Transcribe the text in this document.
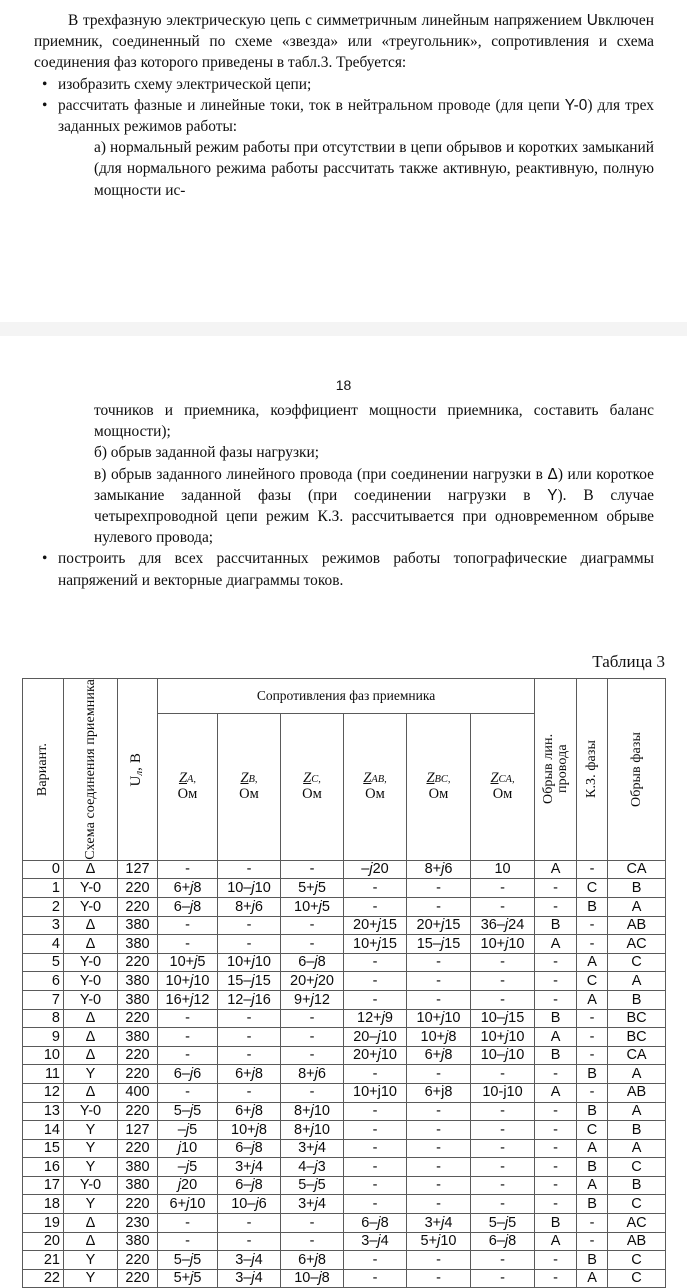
В трехфазную электрическую цепь с симметричным линейным напряжением Uвключен приемник, соединенный по схеме «звезда» или «треугольник», сопротивления и схема соединения фаз которого приведены в табл.3. Требуется:

• изобразить схему электрической цепи;
• рассчитать фазные и линейные токи, ток в нейтральном проводе (для цепи Y-0) для трех заданных режимов работы:

а) нормальный режим работы при отсутствии в цепи обрывов и коротких замыканий (для нормального режима работы рассчитать также активную, реактивную, полную мощности ис-

18

точников и приемника, коэффициент мощности приемника, составить баланс мощности);

б) обрыв заданной фазы нагрузки;

в) обрыв заданного линейного провода (при соединении нагрузки в Δ) или короткое замыкание заданной фазы (при соединении нагрузки в Y). В случае четырехпроводной цепи режим К.З. рассчитывается при одновременном обрыве нулевого провода;

• построить для всех рассчитанных режимов работы топографические диаграммы напряжений и векторные диаграммы токов.
Таблица 3
Вариант.	Схема соединения приемника	$U_л$, В	Сопротивления фаз приемника						Обрыв лин. провода	К.З. фазы	Обрыв фазы

			ZA,
Ом	ZB,
Ом	ZC,
Ом	ZAB,
Ом	ZBC,
Ом	ZCA,
Ом			

0	Δ	127	-	-	-	–j20	8+j6	10	A	-	CA
1	Y-0	220	6+j8	10–j10	5+j5	-	-	-	-	C	B
2	Y-0	220	6–j8	8+j6	10+j5	-	-	-	-	B	A
3	Δ	380	-	-	-	20+j15	20+j15	36–j24	B	-	AB
4	Δ	380	-	-	-	10+j15	15–j15	10+j10	A	-	AC
5	Y-0	220	10+j5	10+j10	6–j8	-	-	-	-	A	C
6	Y-0	380	10+j10	15–j15	20+j20	-	-	-	-	C	A
7	Y-0	380	16+j12	12–j16	9+j12	-	-	-	-	A	B
8	Δ	220	-	-	-	12+j9	10+j10	10–j15	B	-	BC
9	Δ	380	-	-	-	20–j10	10+j8	10+j10	A	-	BC
10	Δ	220	-	-	-	20+j10	6+j8	10–j10	B	-	CA
11	Y	220	6–j6	6+j8	8+j6	-	-	-	-	B	A
12	Δ	400	-	-	-	10+j10	6+j8	10-j10	A	-	AB
13	Y-0	220	5–j5	6+j8	8+j10	-	-	-	-	B	A
14	Y	127	–j5	10+j8	8+j10	-	-	-	-	C	B
15	Y	220	j10	6–j8	3+j4	-	-	-	-	A	A
16	Y	380	–j5	3+j4	4–j3	-	-	-	-	B	C
17	Y-0	380	j20	6–j8	5–j5	-	-	-	-	A	B
18	Y	220	6+j10	10–j6	3+j4	-	-	-	-	B	C
19	Δ	230	-	-	-	6–j8	3+j4	5–j5	B	-	AC
20	Δ	380	-	-	-	3–j4	5+j10	6–j8	A	-	AB
21	Y	220	5–j5	3–j4	6+j8	-	-	-	-	B	C
22	Y	220	5+j5	3–j4	10–j8	-	-	-	-	A	C
